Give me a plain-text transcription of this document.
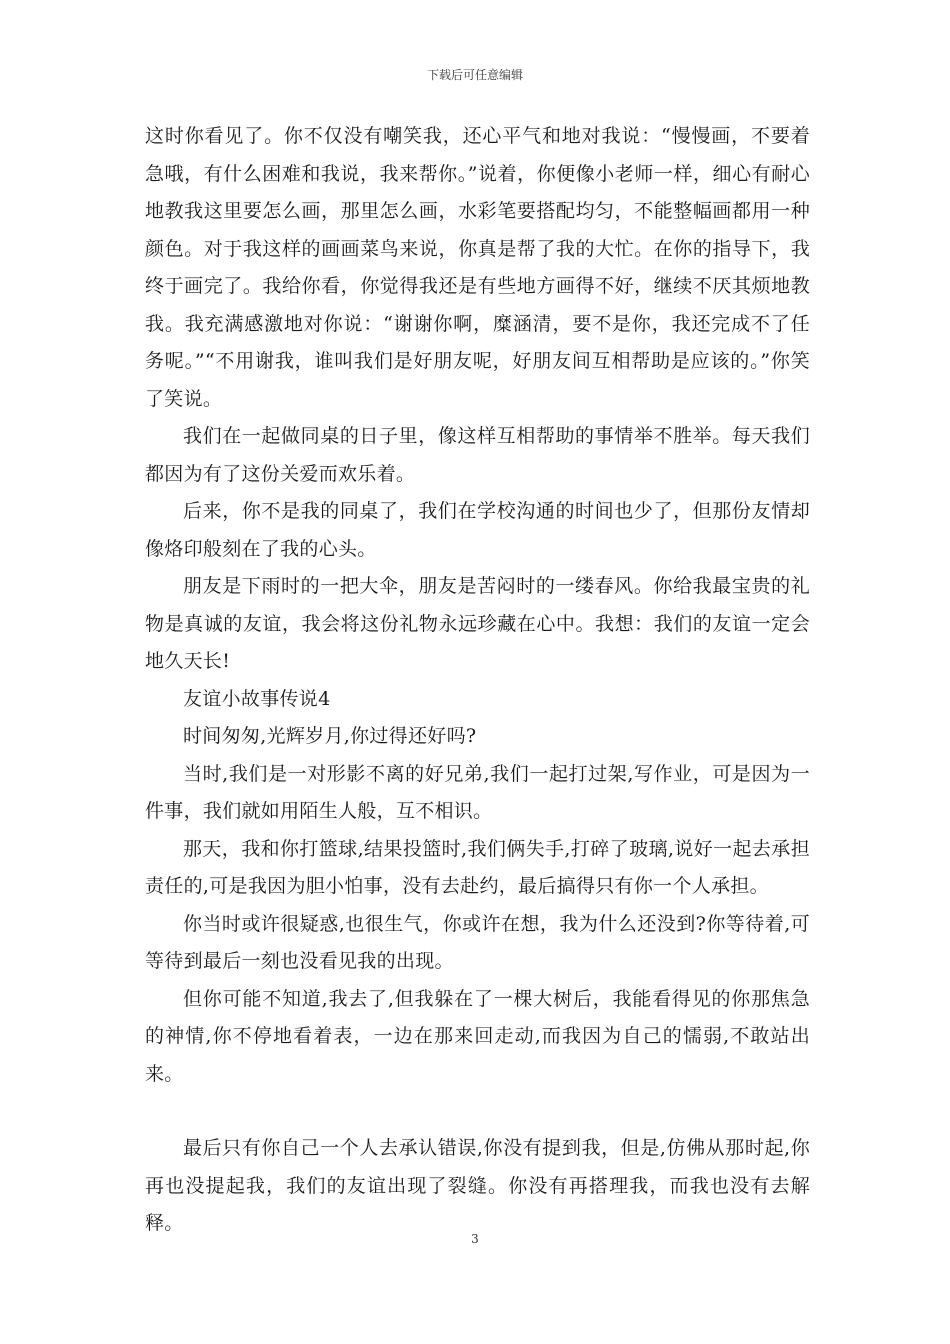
下载后可任意编辑

这时你看见了。你不仅没有嘲笑我，还心平气和地对我说：“慢慢画，不要着急哦，有什么困难和我说，我来帮你。”说着，你便像小老师一样，细心有耐心地教我这里要怎么画，那里怎么画，水彩笔要搭配均匀，不能整幅画都用一种颜色。对于我这样的画画菜鸟来说，你真是帮了我的大忙。在你的指导下，我终于画完了。我给你看，你觉得我还是有些地方画得不好，继续不厌其烦地教我。我充满感激地对你说：“谢谢你啊，糜涵清，要不是你，我还完成不了任务呢。”“不用谢我，谁叫我们是好朋友呢，好朋友间互相帮助是应该的。”你笑了笑说。

我们在一起做同桌的日子里，像这样互相帮助的事情举不胜举。每天我们都因为有了这份关爱而欢乐着。

后来，你不是我的同桌了，我们在学校沟通的时间也少了，但那份友情却像烙印般刻在了我的心头。

朋友是下雨时的一把大伞，朋友是苦闷时的一缕春风。你给我最宝贵的礼物是真诚的友谊，我会将这份礼物永远珍藏在心中。我想：我们的友谊一定会地久天长!

友谊小故事传说4

时间匆匆,光辉岁月,你过得还好吗?

当时,我们是一对形影不离的好兄弟,我们一起打过架,写作业，可是因为一件事，我们就如用陌生人般，互不相识。

那天，我和你打篮球,结果投篮时,我们俩失手,打碎了玻璃,说好一起去承担责任的,可是我因为胆小怕事，没有去赴约，最后搞得只有你一个人承担。

你当时或许很疑惑,也很生气，你或许在想，我为什么还没到?你等待着,可等待到最后一刻也没看见我的出现。

但你可能不知道,我去了,但我躲在了一棵大树后，我能看得见的你那焦急的神情,你不停地看着表，一边在那来回走动,而我因为自己的懦弱,不敢站出来。

最后只有你自己一个人去承认错误,你没有提到我，但是,仿佛从那时起,你再也没提起我，我们的友谊出现了裂缝。你没有再搭理我，而我也没有去解释。

3
